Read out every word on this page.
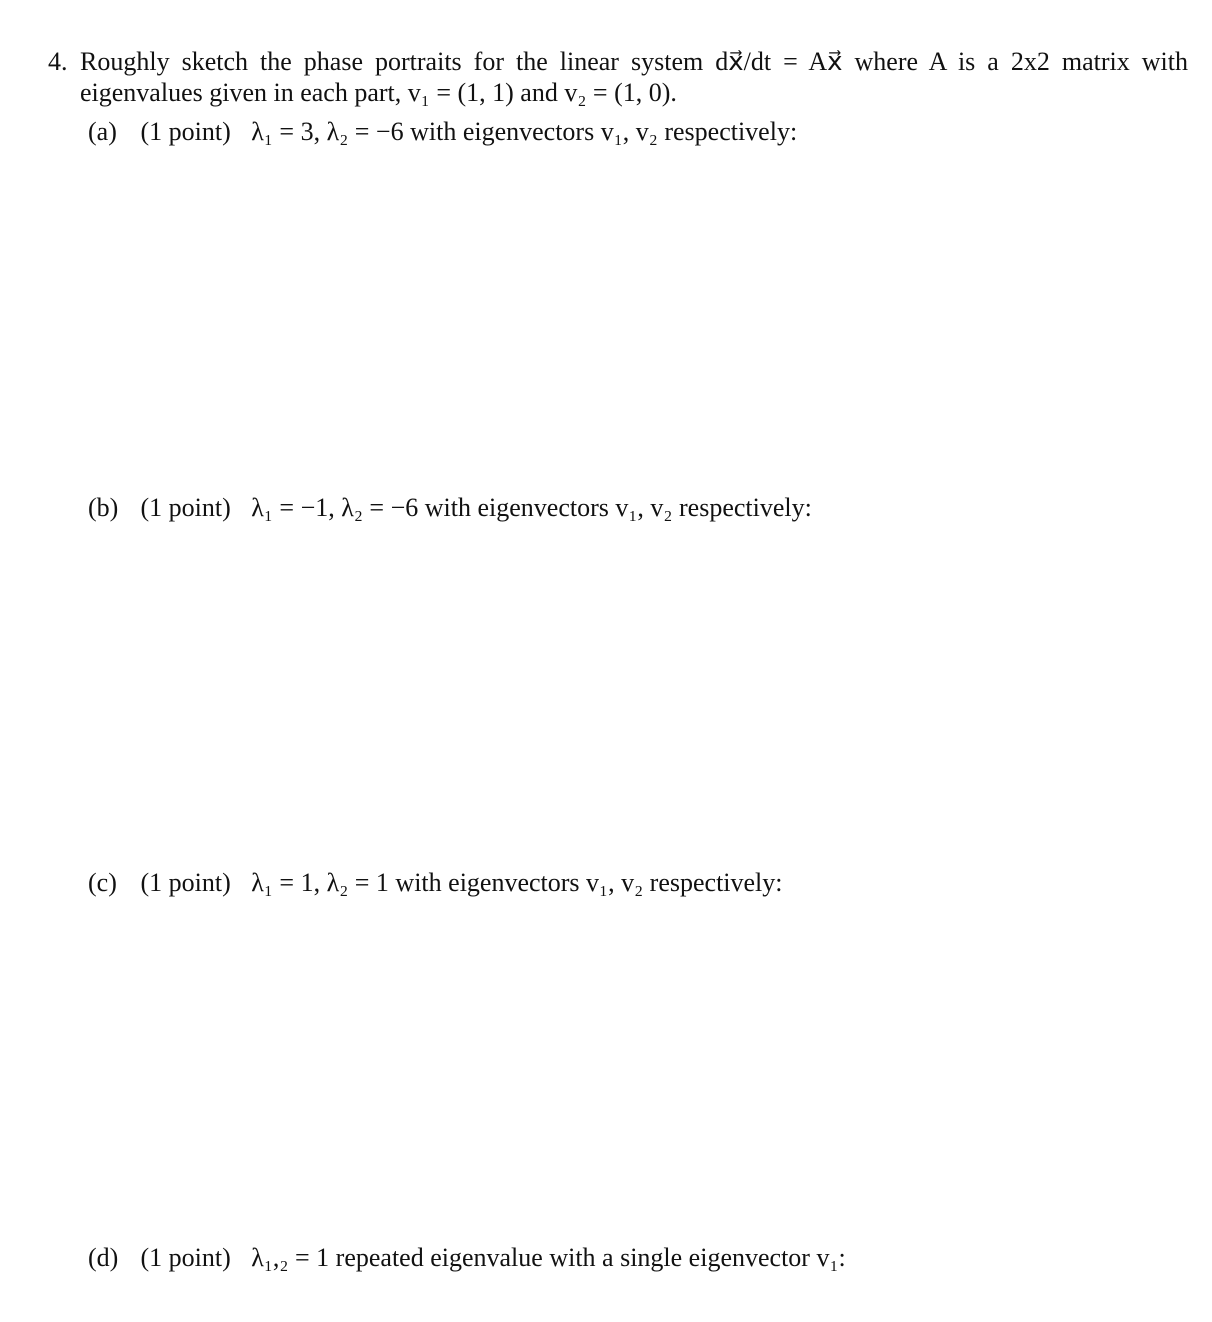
4. Roughly sketch the phase portraits for the linear system dx⃗/dt = Ax⃗ where A is a 2x2 matrix with
eigenvalues given in each part, v₁ = (1, 1) and v₂ = (1, 0).
(a) (1 point) λ₁ = 3, λ₂ = −6 with eigenvectors v₁, v₂ respectively:
(b) (1 point) λ₁ = −1, λ₂ = −6 with eigenvectors v₁, v₂ respectively:
(c) (1 point) λ₁ = 1, λ₂ = 1 with eigenvectors v₁, v₂ respectively:
(d) (1 point) λ₁,₂ = 1 repeated eigenvalue with a single eigenvector v₁:
